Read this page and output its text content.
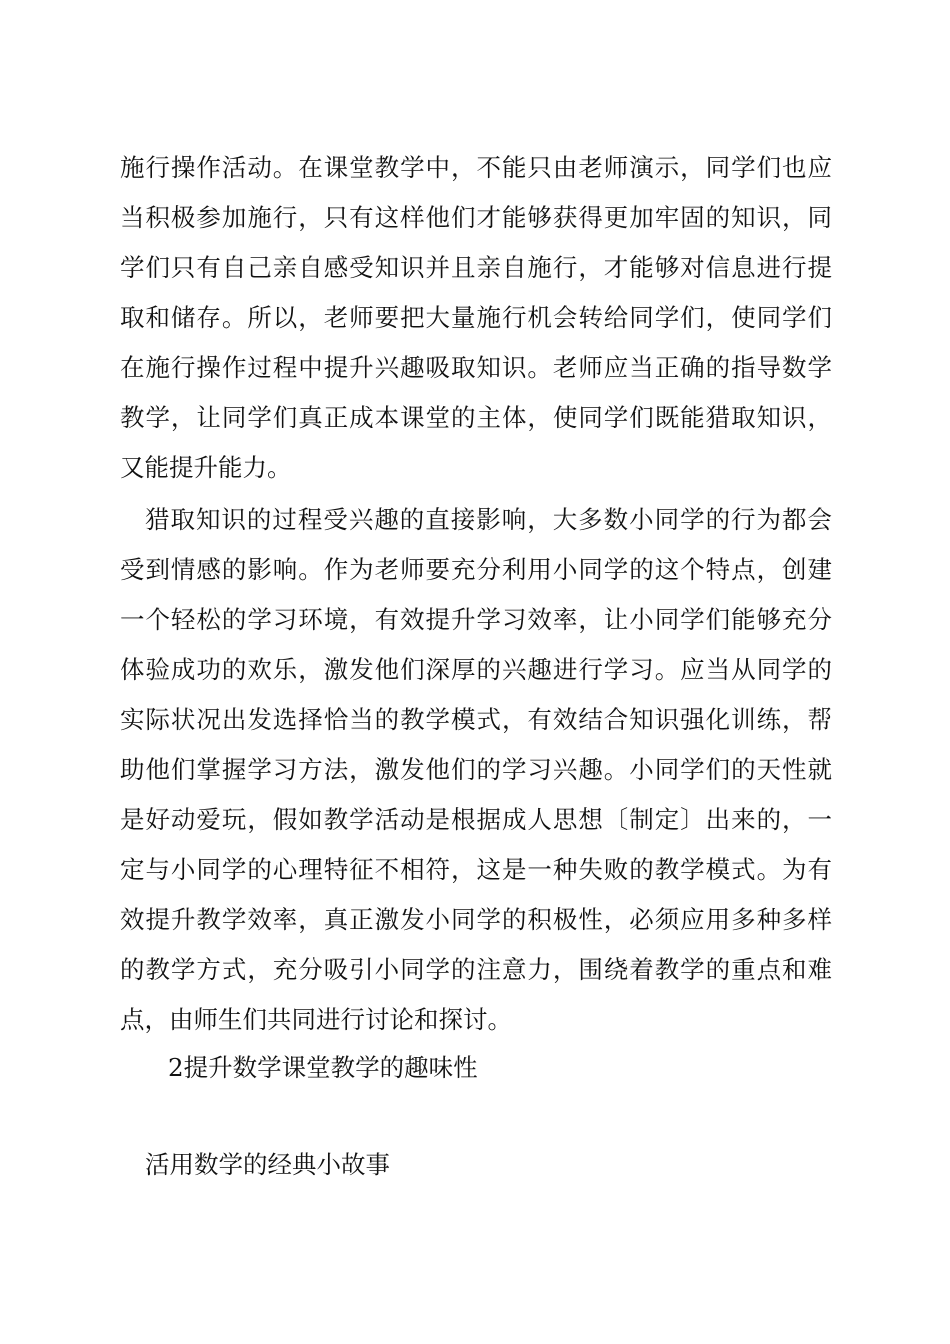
施行操作活动。在课堂教学中，不能只由老师演示，同学们也应
当积极参加施行，只有这样他们才能够获得更加牢固的知识，同
学们只有自己亲自感受知识并且亲自施行，才能够对信息进行提
取和储存。所以，老师要把大量施行机会转给同学们，使同学们
在施行操作过程中提升兴趣吸取知识。老师应当正确的指导数学
教学，让同学们真正成本课堂的主体，使同学们既能猎取知识，
又能提升能力。
猎取知识的过程受兴趣的直接影响，大多数小同学的行为都会
受到情感的影响。作为老师要充分利用小同学的这个特点，创建
一个轻松的学习环境，有效提升学习效率，让小同学们能够充分
体验成功的欢乐，激发他们深厚的兴趣进行学习。应当从同学的
实际状况出发选择恰当的教学模式，有效结合知识强化训练，帮
助他们掌握学习方法，激发他们的学习兴趣。小同学们的天性就
是好动爱玩，假如教学活动是根据成人思想〔制定〕出来的，一
定与小同学的心理特征不相符，这是一种失败的教学模式。为有
效提升教学效率，真正激发小同学的积极性，必须应用多种多样
的教学方式，充分吸引小同学的注意力，围绕着教学的重点和难
点，由师生们共同进行讨论和探讨。
2提升数学课堂教学的趣味性
活用数学的经典小故事
